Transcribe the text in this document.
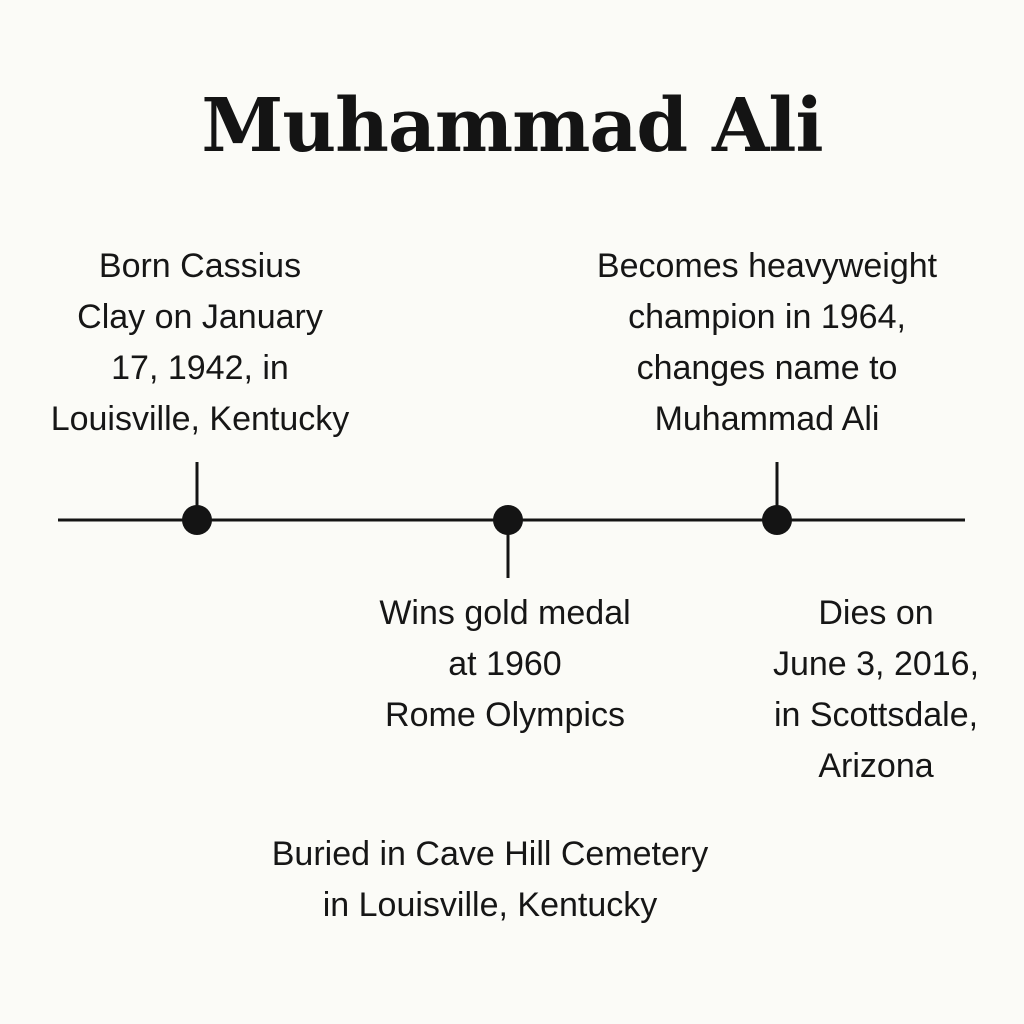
Muhammad Ali
Born Cassius
Clay on January
17, 1942, in
Louisville, Kentucky
Becomes heavyweight
champion in 1964,
changes name to
Muhammad Ali
Wins gold medal
at 1960
Rome Olympics
Dies on
June 3, 2016,
in Scottsdale,
Arizona
Buried in Cave Hill Cemetery
in Louisville, Kentucky
